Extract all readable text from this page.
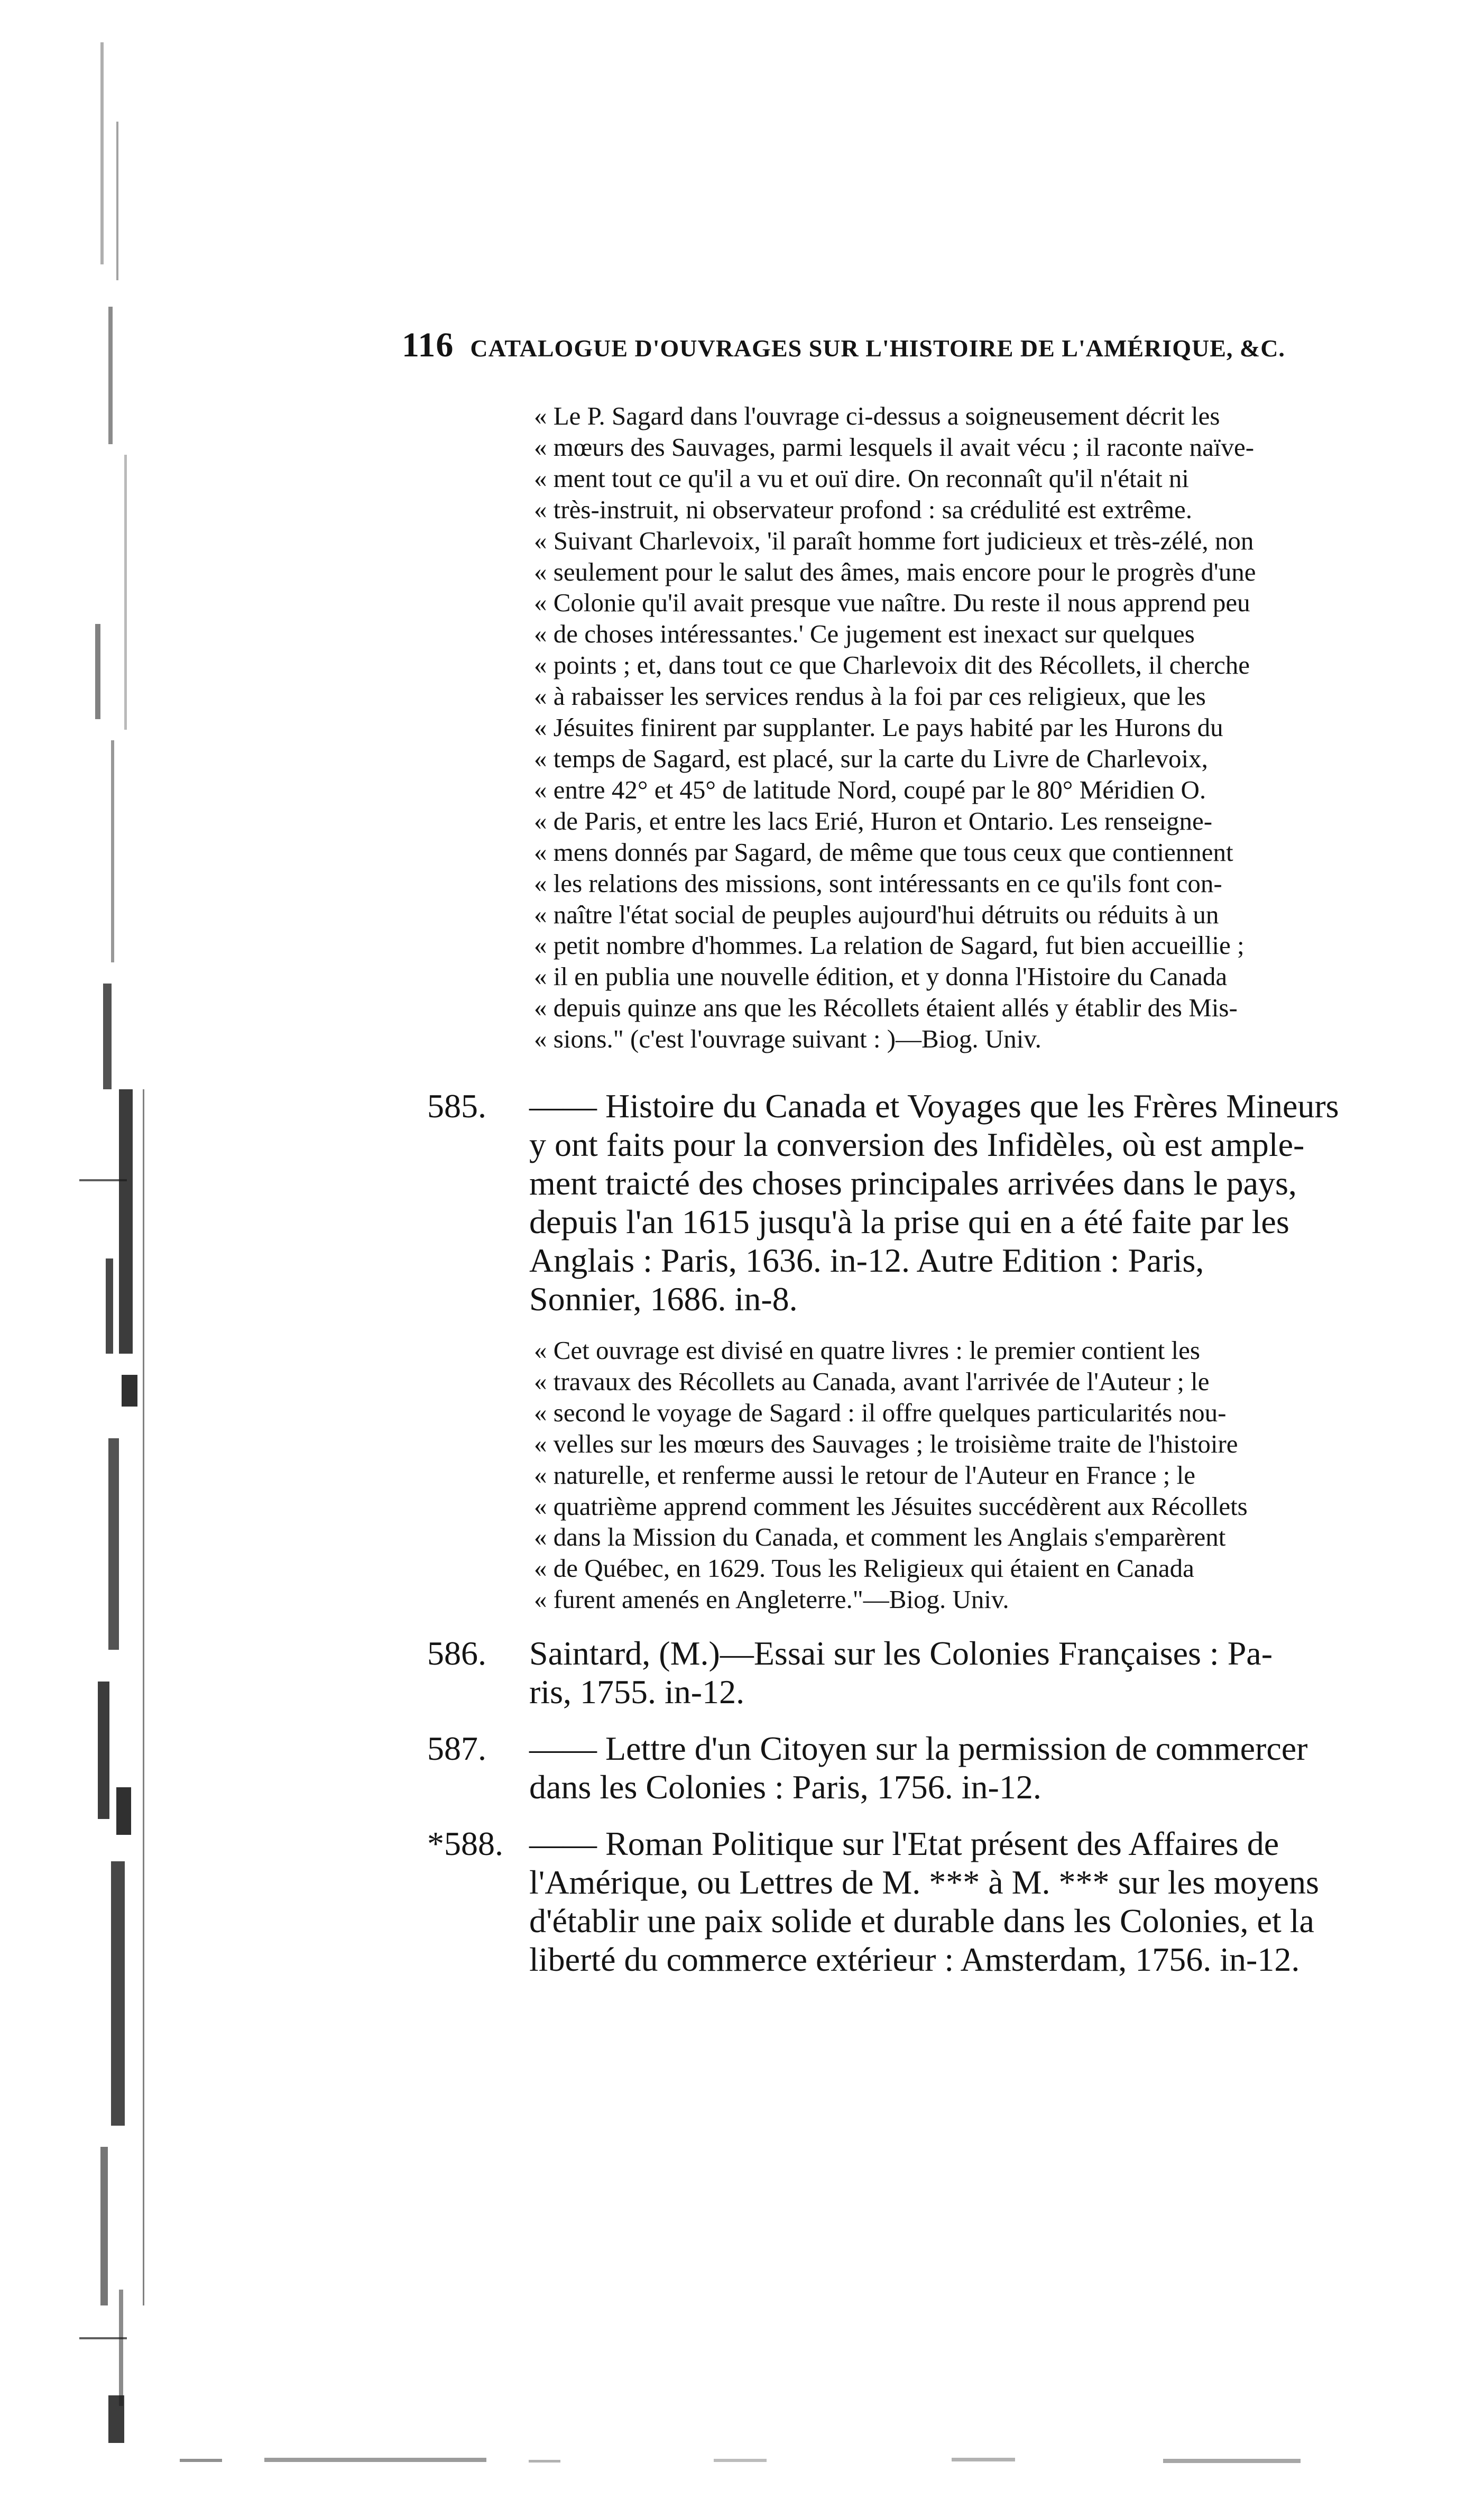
116 CATALOGUE D'OUVRAGES SUR L'HISTOIRE DE L'AMÉRIQUE, &C.
« Le P. Sagard dans l'ouvrage ci-dessus a soigneusement décrit les
« mœurs des Sauvages, parmi lesquels il avait vécu ; il raconte naïve-
« ment tout ce qu'il a vu et ouï dire. On reconnaît qu'il n'était ni
« très-instruit, ni observateur profond : sa crédulité est extrême.
« Suivant Charlevoix, 'il paraît homme fort judicieux et très-zélé, non
« seulement pour le salut des âmes, mais encore pour le progrès d'une
« Colonie qu'il avait presque vue naître. Du reste il nous apprend peu
« de choses intéressantes.' Ce jugement est inexact sur quelques
« points ; et, dans tout ce que Charlevoix dit des Récollets, il cherche
« à rabaisser les services rendus à la foi par ces religieux, que les
« Jésuites finirent par supplanter. Le pays habité par les Hurons du
« temps de Sagard, est placé, sur la carte du Livre de Charlevoix,
« entre 42° et 45° de latitude Nord, coupé par le 80° Méridien O.
« de Paris, et entre les lacs Erié, Huron et Ontario. Les renseigne-
« mens donnés par Sagard, de même que tous ceux que contiennent
« les relations des missions, sont intéressants en ce qu'ils font con-
« naître l'état social de peuples aujourd'hui détruits ou réduits à un
« petit nombre d'hommes. La relation de Sagard, fut bien accueillie ;
« il en publia une nouvelle édition, et y donna l'Histoire du Canada
« depuis quinze ans que les Récollets étaient allés y établir des Mis-
« sions." (c'est l'ouvrage suivant : )—Biog. Univ.
585.	—— Histoire du Canada et Voyages que les Frères Mineurs
y ont faits pour la conversion des Infidèles, où est ample-
ment traicté des choses principales arrivées dans le pays,
depuis l'an 1615 jusqu'à la prise qui en a été faite par les
Anglais : Paris, 1636. in-12. Autre Edition : Paris,
Sonnier, 1686. in-8.
« Cet ouvrage est divisé en quatre livres : le premier contient les
« travaux des Récollets au Canada, avant l'arrivée de l'Auteur ; le
« second le voyage de Sagard : il offre quelques particularités nou-
« velles sur les mœurs des Sauvages ; le troisième traite de l'histoire
« naturelle, et renferme aussi le retour de l'Auteur en France ; le
« quatrième apprend comment les Jésuites succédèrent aux Récollets
« dans la Mission du Canada, et comment les Anglais s'emparèrent
« de Québec, en 1629. Tous les Religieux qui étaient en Canada
« furent amenés en Angleterre."—Biog. Univ.
586.	Saintard, (M.)—Essai sur les Colonies Françaises : Pa-
ris, 1755. in-12.
587.	—— Lettre d'un Citoyen sur la permission de commercer
dans les Colonies : Paris, 1756. in-12.
*588. —— Roman Politique sur l'Etat présent des Affaires de
l'Amérique, ou Lettres de M. *** à M. *** sur les moyens
d'établir une paix solide et durable dans les Colonies, et la
liberté du commerce extérieur : Amsterdam, 1756. in-12.
